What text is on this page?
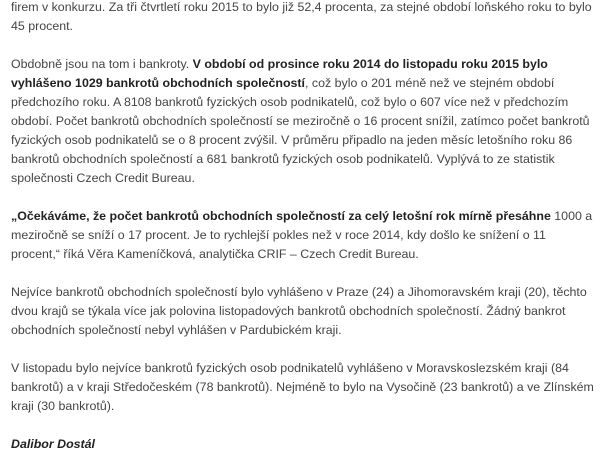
firem v konkurzu. Za tři čtvrtletí roku 2015 to bylo již 52,4 procenta, za stejné období loňského roku to bylo 45 procent.

Obdobně jsou na tom i bankroty. V období od prosince roku 2014 do listopadu roku 2015 bylo vyhlášeno 1029 bankrotů obchodních společností, což bylo o 201 méně než ve stejném období předchozího roku. A 8108 bankrotů fyzických osob podnikatelů, což bylo o 607 více než v předchozím období. Počet bankrotů obchodních společností se meziročně o 16 procent snížil, zatímco počet bankrotů fyzických osob podnikatelů se o 8 procent zvýšil. V průměru připadlo na jeden měsíc letošního roku 86 bankrotů obchodních společností a 681 bankrotů fyzických osob podnikatelů. Vyplývá to ze statistik společnosti Czech Credit Bureau.

„Očekáváme, že počet bankrotů obchodních společností za celý letošní rok mírně přesáhne 1000 a meziročně se sníží o 17 procent. Je to rychlejší pokles než v roce 2014, kdy došlo ke snížení o 11 procent,“ říká Věra Kameníčková, analytička CRIF – Czech Credit Bureau.

Nejvíce bankrotů obchodních společností bylo vyhlášeno v Praze (24) a Jihomoravském kraji (20), těchto dvou krajů se týkala více jak polovina listopadových bankrotů obchodních společností. Žádný bankrot obchodních společností nebyl vyhlášen v Pardubickém kraji.

V listopadu bylo nejvíce bankrotů fyzických osob podnikatelů vyhlášeno v Moravskoslezském kraji (84 bankrotů) a v kraji Středočeském (78 bankrotů). Nejméně to bylo na Vysočině (23 bankrotů) a ve Zlínském kraji (30 bankrotů).

Dalibor Dostál
